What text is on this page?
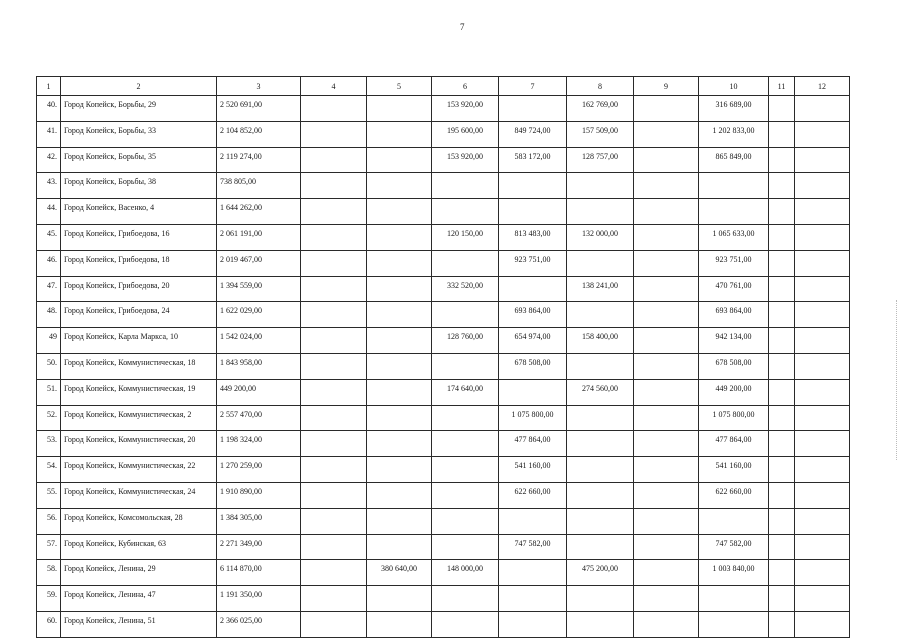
7
1	2	3	4	5	6	7	8	9	10	11	12
40.	Город Копейск, Борьбы, 29	2 520 691,00			153 920,00		162 769,00		316 689,00		
41.	Город Копейск, Борьбы, 33	2 104 852,00			195 600,00	849 724,00	157 509,00		1 202 833,00		
42.	Город Копейск, Борьбы, 35	2 119 274,00			153 920,00	583 172,00	128 757,00		865 849,00		
43.	Город Копейск, Борьбы, 38	738 805,00									
44.	Город Копейск, Васенко, 4	1 644 262,00									
45.	Город Копейск, Грибоедова, 16	2 061 191,00			120 150,00	813 483,00	132 000,00		1 065 633,00		
46.	Город Копейск, Грибоедова, 18	2 019 467,00				923 751,00			923 751,00		
47.	Город Копейск, Грибоедова, 20	1 394 559,00			332 520,00		138 241,00		470 761,00		
48.	Город Копейск, Грибоедова, 24	1 622 029,00				693 864,00			693 864,00		
49	Город Копейск, Карла Маркса, 10	1 542 024,00			128 760,00	654 974,00	158 400,00		942 134,00		
50.	Город Копейск, Коммунистическая, 18	1 843 958,00				678 508,00			678 508,00		
51.	Город Копейск, Коммунистическая, 19	449 200,00			174 640,00		274 560,00		449 200,00		
52.	Город Копейск, Коммунистическая, 2	2 557 470,00				1 075 800,00			1 075 800,00		
53.	Город Копейск, Коммунистическая, 20	1 198 324,00				477 864,00			477 864,00		
54.	Город Копейск, Коммунистическая, 22	1 270 259,00				541 160,00			541 160,00		
55.	Город Копейск, Коммунистическая, 24	1 910 890,00				622 660,00			622 660,00		
56.	Город Копейск, Комсомольская, 28	1 384 305,00									
57.	Город Копейск, Кубинская, 63	2 271 349,00				747 582,00			747 582,00		
58.	Город Копейск, Ленина, 29	6 114 870,00		380 640,00	148 000,00		475 200,00		1 003 840,00		
59.	Город Копейск, Ленина, 47	1 191 350,00									
60.	Город Копейск, Ленина, 51	2 366 025,00									
